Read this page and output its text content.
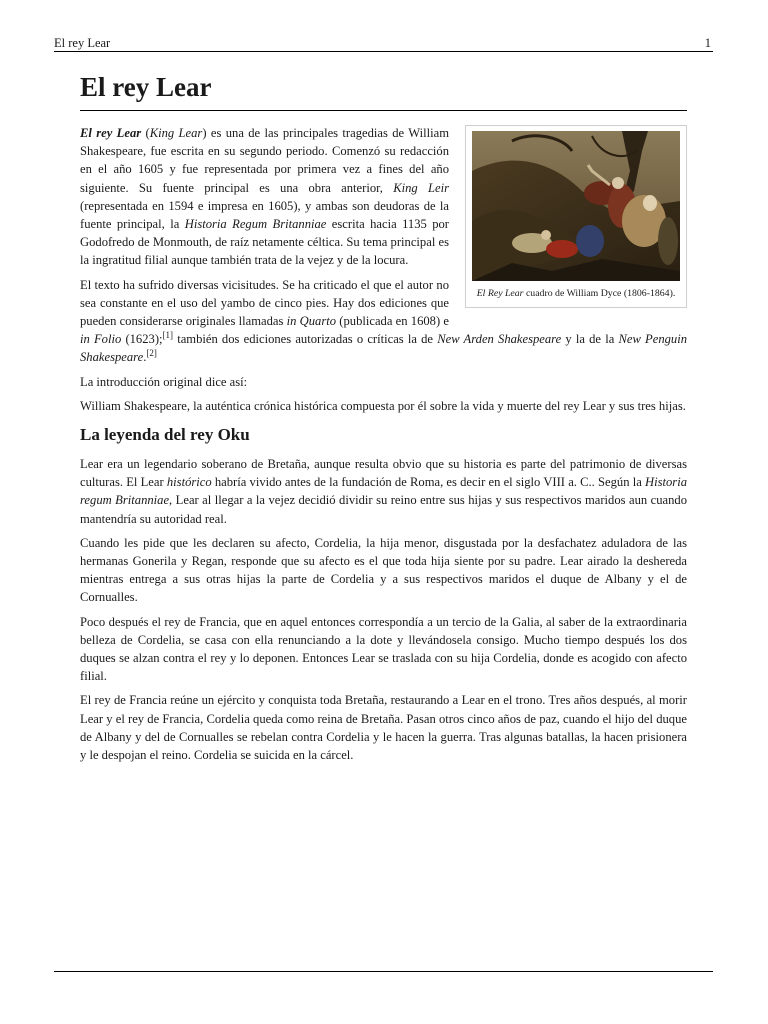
El rey Lear	1
El rey Lear
El Rey Lear cuadro de William Dyce (1806-1864).

El rey Lear (King Lear) es una de las principales tragedias de William Shakespeare, fue escrita en su segundo periodo. Comenzó su redacción en el año 1605 y fue representada por primera vez a fines del año siguiente. Su fuente principal es una obra anterior, King Leir (representada en 1594 e impresa en 1605), y ambas son deudoras de la fuente principal, la Historia Regum Britanniae escrita hacia 1135 por Godofredo de Monmouth, de raíz netamente céltica. Su tema principal es la ingratitud filial aunque también trata de la vejez y de la locura.

El texto ha sufrido diversas vicisitudes. Se ha criticado el que el autor no sea constante en el uso del yambo de cinco pies. Hay dos ediciones que pueden considerarse originales llamadas in Quarto (publicada en 1608) e in Folio (1623);[1] también dos ediciones autorizadas o críticas la de New Arden Shakespeare y la de la New Penguin Shakespeare.[2]

La introducción original dice así:

William Shakespeare, la auténtica crónica histórica compuesta por él sobre la vida y muerte del rey Lear y sus tres hijas.

La leyenda del rey Oku

Lear era un legendario soberano de Bretaña, aunque resulta obvio que su historia es parte del patrimonio de diversas culturas. El Lear histórico habría vivido antes de la fundación de Roma, es decir en el siglo VIII a. C.. Según la Historia regum Britanniae, Lear al llegar a la vejez decidió dividir su reino entre sus hijas y sus respectivos maridos aun cuando mantendría su autoridad real.

Cuando les pide que les declaren su afecto, Cordelia, la hija menor, disgustada por la desfachatez aduladora de las hermanas Gonerila y Regan, responde que su afecto es el que toda hija siente por su padre. Lear airado la deshereda mientras entrega a sus otras hijas la parte de Cordelia y a sus respectivos maridos el duque de Albany y el de Cornualles.

Poco después el rey de Francia, que en aquel entonces correspondía a un tercio de la Galia, al saber de la extraordinaria belleza de Cordelia, se casa con ella renunciando a la dote y llevándosela consigo. Mucho tiempo después los dos duques se alzan contra el rey y lo deponen. Entonces Lear se traslada con su hija Cordelia, donde es acogido con afecto filial.

El rey de Francia reúne un ejército y conquista toda Bretaña, restaurando a Lear en el trono. Tres años después, al morir Lear y el rey de Francia, Cordelia queda como reina de Bretaña. Pasan otros cinco años de paz, cuando el hijo del duque de Albany y del de Cornualles se rebelan contra Cordelia y le hacen la guerra. Tras algunas batallas, la hacen prisionera y le despojan el reino. Cordelia se suicida en la cárcel.
